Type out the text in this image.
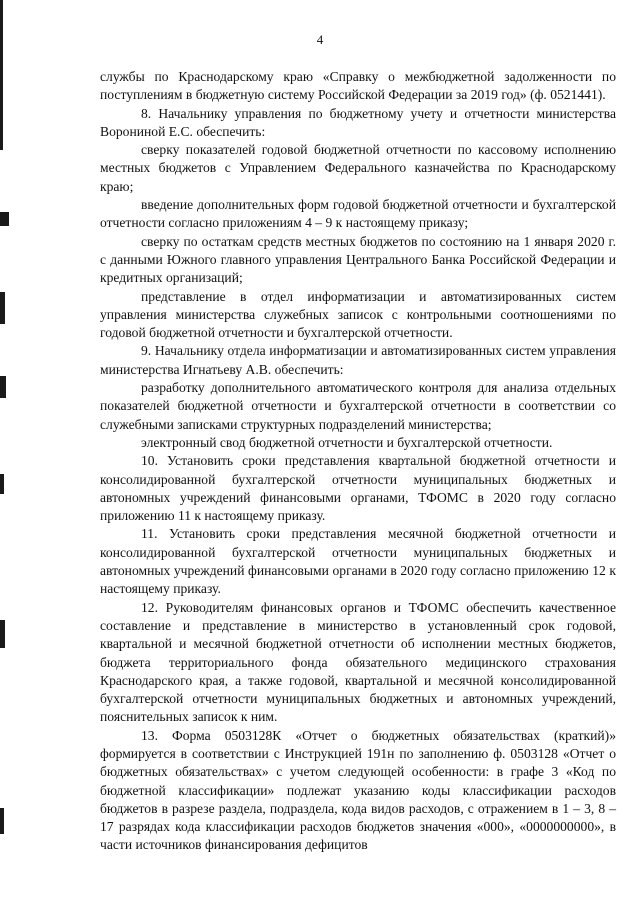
4

службы по Краснодарскому краю «Справку о межбюджетной задолженности по поступлениям в бюджетную систему Российской Федерации за 2019 год» (ф. 0521441).

8. Начальнику управления по бюджетному учету и отчетности министерства Ворониной Е.С. обеспечить:

сверку показателей годовой бюджетной отчетности по кассовому исполнению местных бюджетов с Управлением Федерального казначейства по Краснодарскому краю;

введение дополнительных форм годовой бюджетной отчетности и бухгалтерской отчетности согласно приложениям 4 – 9 к настоящему приказу;

сверку по остаткам средств местных бюджетов по состоянию на 1 января 2020 г. с данными Южного главного управления Центрального Банка Российской Федерации и кредитных организаций;

представление в отдел информатизации и автоматизированных систем управления министерства служебных записок с контрольными соотношениями по годовой бюджетной отчетности и бухгалтерской отчетности.

9. Начальнику отдела информатизации и автоматизированных систем управления министерства Игнатьеву А.В. обеспечить:

разработку дополнительного автоматического контроля для анализа отдельных показателей бюджетной отчетности и бухгалтерской отчетности в соответствии со служебными записками структурных подразделений министерства;

электронный свод бюджетной отчетности и бухгалтерской отчетности.

10. Установить сроки представления квартальной бюджетной отчетности и консолидированной бухгалтерской отчетности муниципальных бюджетных и автономных учреждений финансовыми органами, ТФОМС в 2020 году согласно приложению 11 к настоящему приказу.

11. Установить сроки представления месячной бюджетной отчетности и консолидированной бухгалтерской отчетности муниципальных бюджетных и автономных учреждений финансовыми органами в 2020 году согласно приложению 12 к настоящему приказу.

12. Руководителям финансовых органов и ТФОМС обеспечить качественное составление и представление в министерство в установленный срок годовой, квартальной и месячной бюджетной отчетности об исполнении местных бюджетов, бюджета территориального фонда обязательного медицинского страхования Краснодарского края, а также годовой, квартальной и месячной консолидированной бухгалтерской отчетности муниципальных бюджетных и автономных учреждений, пояснительных записок к ним.

13. Форма 0503128К «Отчет о бюджетных обязательствах (краткий)» формируется в соответствии с Инструкцией 191н по заполнению ф. 0503128 «Отчет о бюджетных обязательствах» с учетом следующей особенности: в графе 3 «Код по бюджетной классификации» подлежат указанию коды классификации расходов бюджетов в разрезе раздела, подраздела, кода видов расходов, с отражением в 1 – 3, 8 – 17 разрядах кода классификации расходов бюджетов значения «000», «0000000000», в части источников финансирования дефицитов
